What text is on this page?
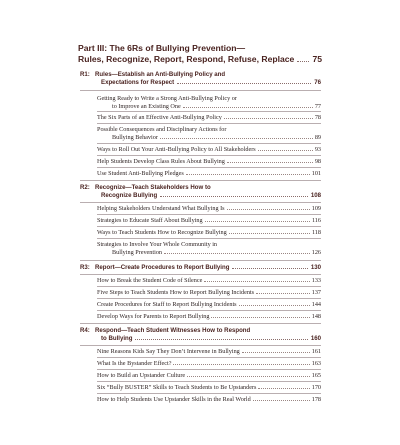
Part III: The 6Rs of Bullying Prevention—
Rules, Recognize, Report, Respond, Refuse, Replace 75
R1: Rules—Establish an Anti-Bullying Policy and
Expectations for Respect	76
Getting Ready to Write a Strong Anti-Bullying Policy or
to Improve an Existing One	77
The Six Parts of an Effective Anti-Bullying Policy	78
Possible Consequences and Disciplinary Actions for
Bullying Behavior	89
Ways to Roll Out Your Anti-Bullying Policy to All Stakeholders	93
Help Students Develop Class Rules About Bullying	98
Use Student Anti-Bullying Pledges	101
R2: Recognize—Teach Stakeholders How to
Recognize Bullying	108
Helping Stakeholders Understand What Bullying Is	109
Strategies to Educate Staff About Bullying	116
Ways to Teach Students How to Recognize Bullying	118
Strategies to Involve Your Whole Community in
Bullying Prevention	126
R3: Report—Create Procedures to Report Bullying	130
How to Break the Student Code of Silence	133
Five Steps to Teach Students How to Report Bullying Incidents	137
Create Procedures for Staff to Report Bullying Incidents	144
Develop Ways for Parents to Report Bullying	148
R4: Respond—Teach Student Witnesses How to Respond
to Bullying	160
Nine Reasons Kids Say They Don’t Intervene in Bullying	161
What Is the Bystander Effect?	163
How to Build an Upstander Culture	165
Six “Bully BUSTER” Skills to Teach Students to Be Upstanders	170
How to Help Students Use Upstander Skills in the Real World	178
